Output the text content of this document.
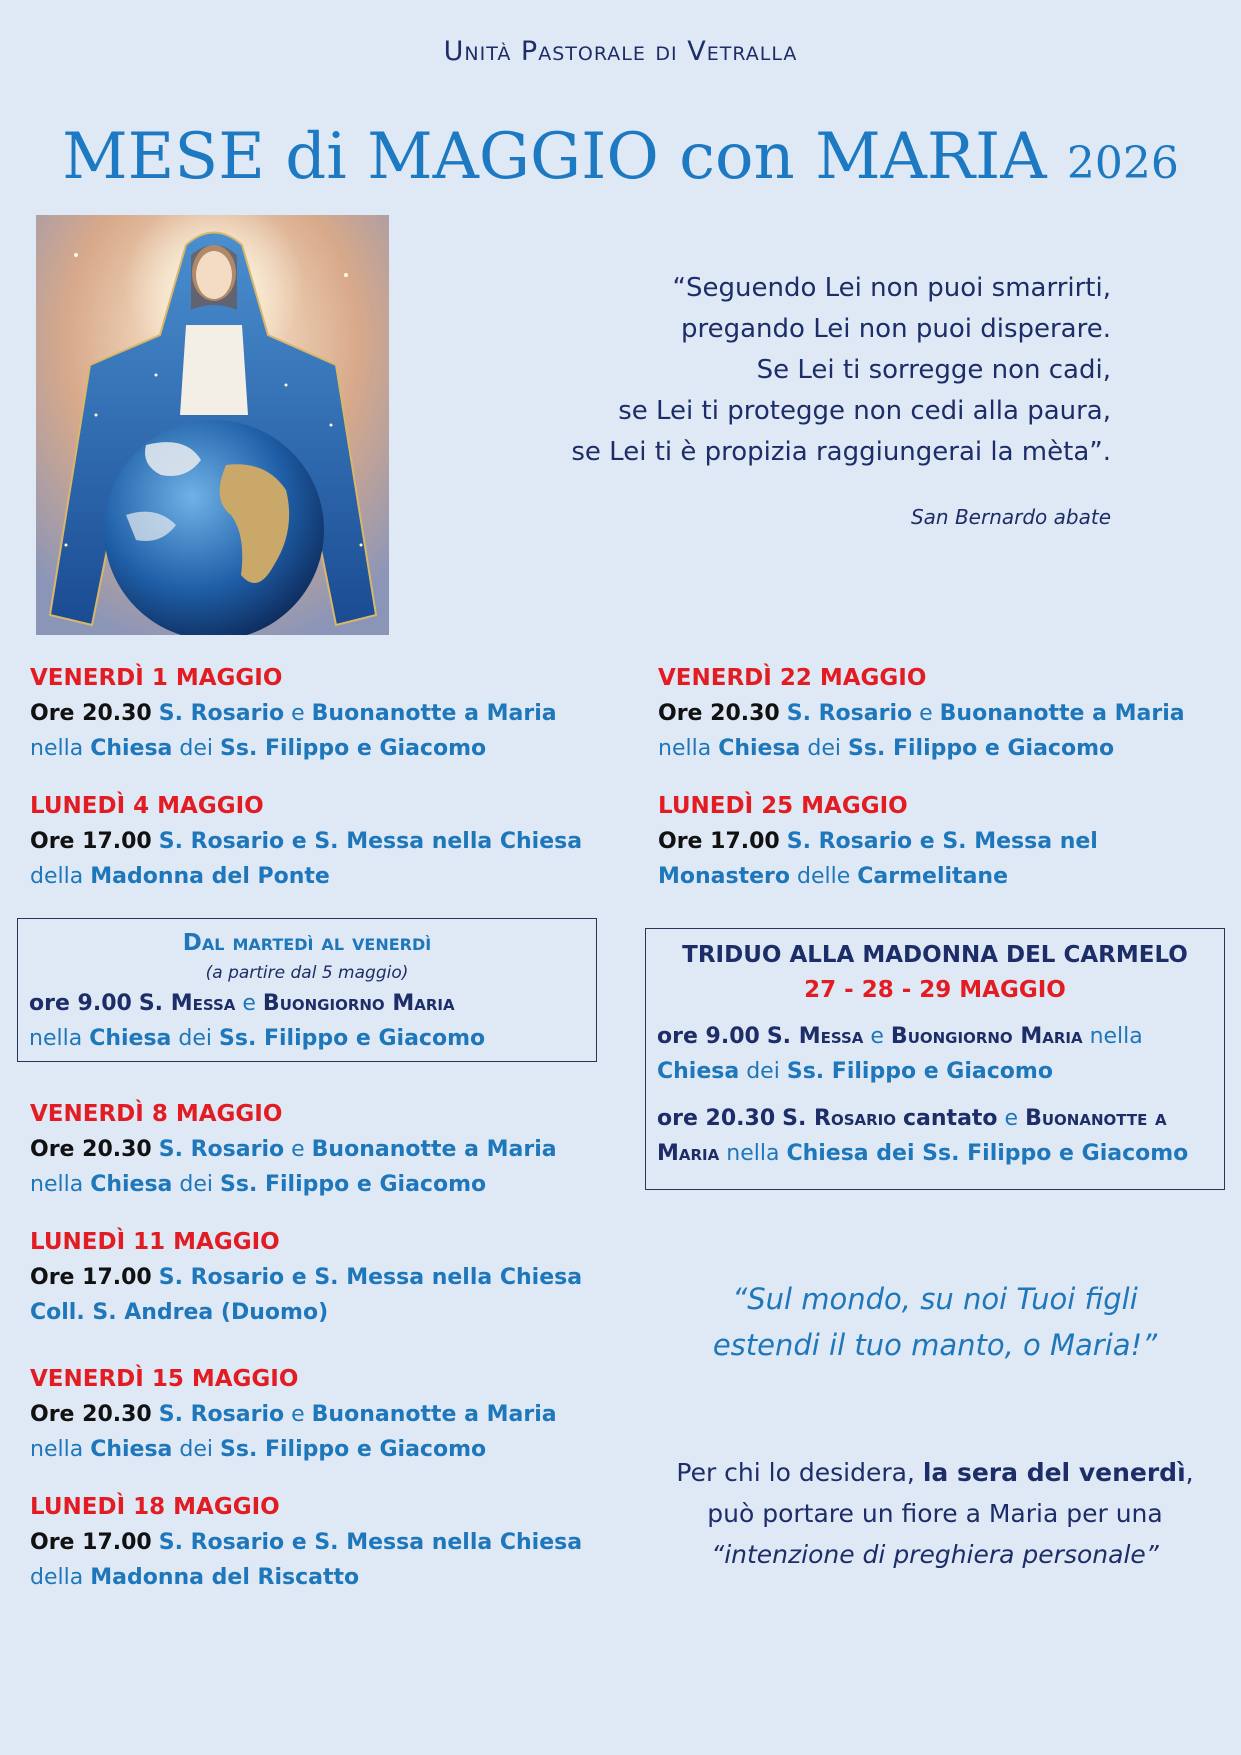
Unità Pastorale di Vetralla
MESE di MAGGIO con MARIA 2026
“Seguendo Lei non puoi smarrirti,
pregando Lei non puoi disperare.
Se Lei ti sorregge non cadi,
se Lei ti protegge non cedi alla paura,
se Lei ti è propizia raggiungerai la mèta”.
San Bernardo abate
VENERDÌ 1 MAGGIO
Ore 20.30 S. Rosario e Buonanotte a Maria
nella Chiesa dei Ss. Filippo e Giacomo
LUNEDÌ 4 MAGGIO
Ore 17.00 S. Rosario e S. Messa nella Chiesa
della Madonna del Ponte
Dal martedì al venerdì
(a partire dal 5 maggio)
ore 9.00 S. Messa e Buongiorno Maria
nella Chiesa dei Ss. Filippo e Giacomo
VENERDÌ 8 MAGGIO
Ore 20.30 S. Rosario e Buonanotte a Maria
nella Chiesa dei Ss. Filippo e Giacomo
LUNEDÌ 11 MAGGIO
Ore 17.00 S. Rosario e S. Messa nella Chiesa
Coll. S. Andrea (Duomo)
VENERDÌ 15 MAGGIO
Ore 20.30 S. Rosario e Buonanotte a Maria
nella Chiesa dei Ss. Filippo e Giacomo
LUNEDÌ 18 MAGGIO
Ore 17.00 S. Rosario e S. Messa nella Chiesa
della Madonna del Riscatto
VENERDÌ 22 MAGGIO
Ore 20.30 S. Rosario e Buonanotte a Maria
nella Chiesa dei Ss. Filippo e Giacomo
LUNEDÌ 25 MAGGIO
Ore 17.00 S. Rosario e S. Messa nel
Monastero delle Carmelitane
TRIDUO ALLA MADONNA DEL CARMELO
27 - 28 - 29 MAGGIO
ore 9.00 S. Messa e Buongiorno Maria nella
Chiesa dei Ss. Filippo e Giacomo
ore 20.30 S. Rosario cantato e Buonanotte a
Maria nella Chiesa dei Ss. Filippo e Giacomo
“Sul mondo, su noi Tuoi figli
estendi il tuo manto, o Maria!”
Per chi lo desidera, la sera del venerdì,
può portare un fiore a Maria per una
“intenzione di preghiera personale”
